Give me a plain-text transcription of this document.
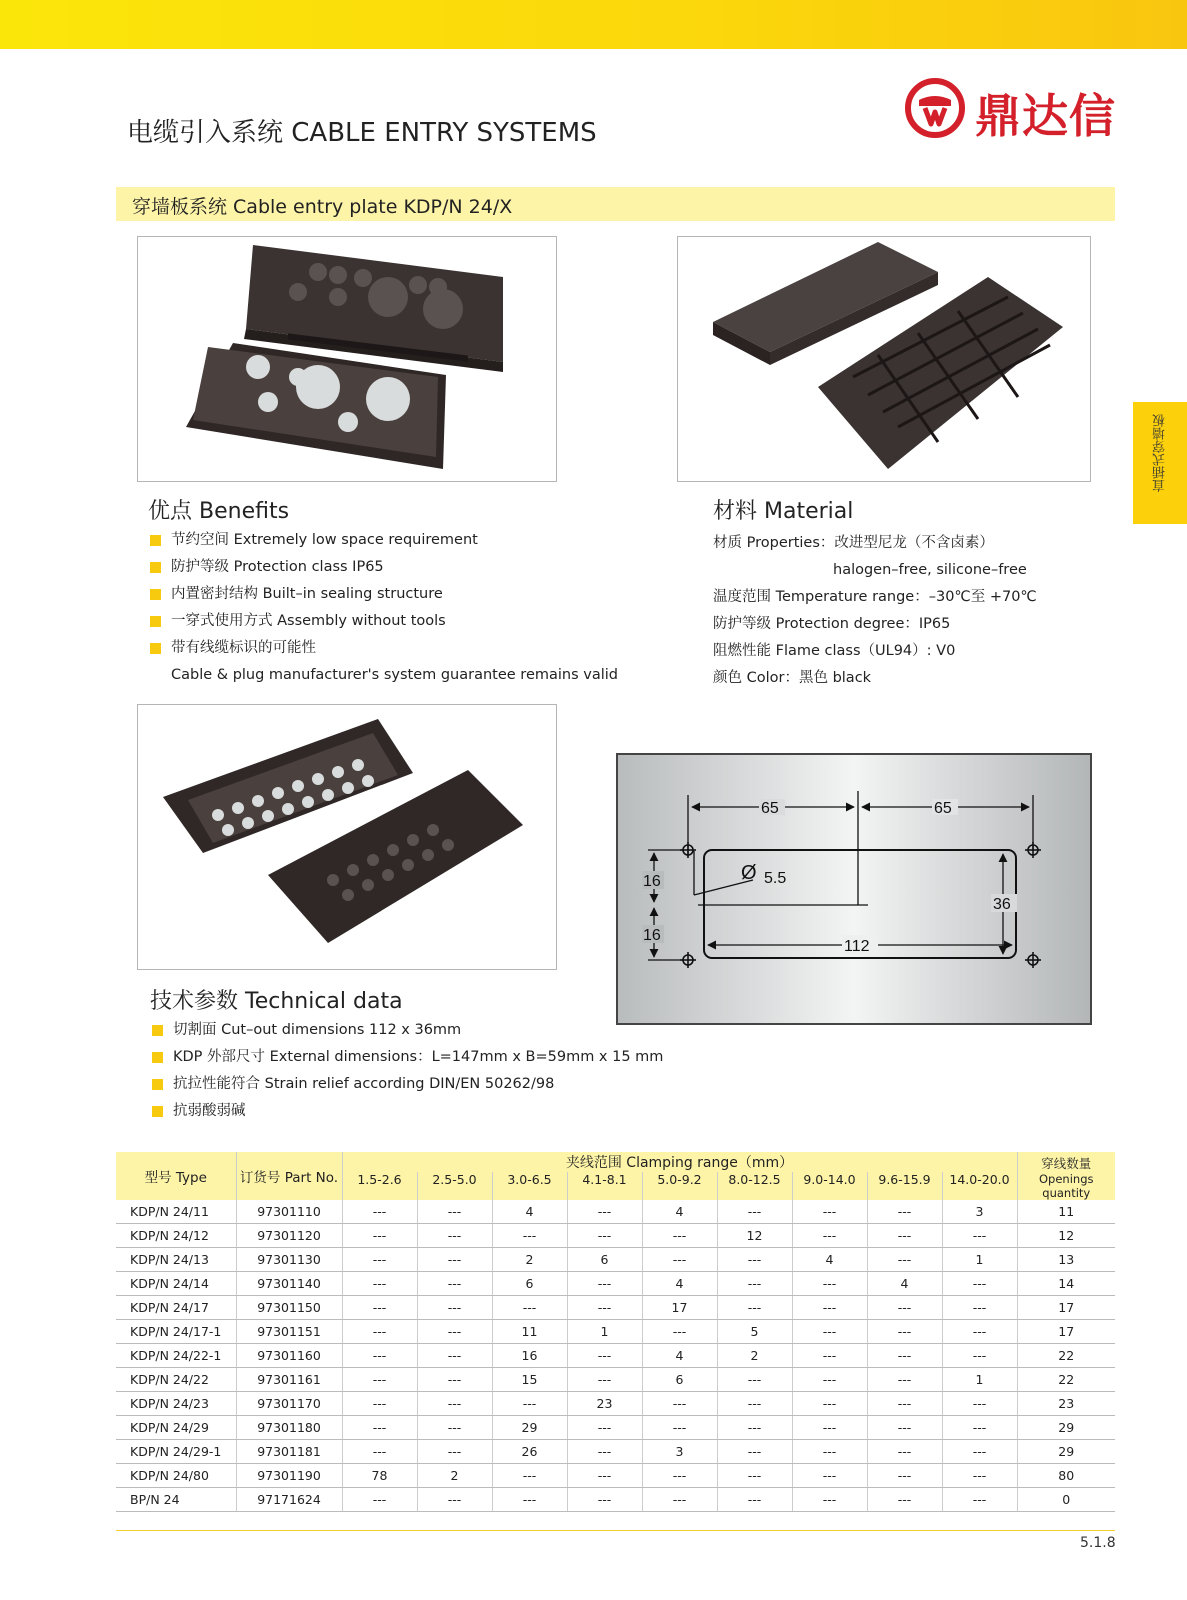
电缆引入系统 CABLE ENTRY SYSTEMS	鼎达信
穿墙板系统 Cable entry plate KDP/N 24/X
直插式穿墙板
优点 Benefits
节约空间 Extremely low space requirement
防护等级 Protection class IP65
内置密封结构 Built–in sealing structure
一穿式使用方式 Assembly without tools
带有线缆标识的可能性
Cable & plug manufacturer's system guarantee remains valid
材料 Material
材质 Properties：改进型尼龙（不含卤素）
halogen–free, silicone–free
温度范围 Temperature range：–30℃至 +70℃
防护等级 Protection degree：IP65
阻燃性能 Flame class（UL94）: V0
颜色 Color：黑色 black
65	65
Ø 5.5
16
16
36
112
技术参数 Technical data
切割面 Cut–out dimensions 112 x 36mm
KDP 外部尺寸 External dimensions：L=147mm x B=59mm x 15 mm
抗拉性能符合 Strain relief according DIN/EN 50262/98
抗弱酸弱碱
型号 Type	订货号 Part No.	夹线范围 Clamping range（mm）									穿线数量
		1.5-2.6	2.5-5.0	3.0-6.5	4.1-8.1	5.0-9.2	8.0-12.5	9.0-14.0	9.6-15.9	14.0-20.0	Openings quantity
KDP/N 24/11	97301110	---	---	4	---	4	---	---	---	3	11
KDP/N 24/12	97301120	---	---	---	---	---	12	---	---	---	12
KDP/N 24/13	97301130	---	---	2	6	---	---	4	---	1	13
KDP/N 24/14	97301140	---	---	6	---	4	---	---	4	---	14
KDP/N 24/17	97301150	---	---	---	---	17	---	---	---	---	17
KDP/N 24/17-1	97301151	---	---	11	1	---	5	---	---	---	17
KDP/N 24/22-1	97301160	---	---	16	---	4	2	---	---	---	22
KDP/N 24/22	97301161	---	---	15	---	6	---	---	---	1	22
KDP/N 24/23	97301170	---	---	---	23	---	---	---	---	---	23
KDP/N 24/29	97301180	---	---	29	---	---	---	---	---	---	29
KDP/N 24/29-1	97301181	---	---	26	---	3	---	---	---	---	29
KDP/N 24/80	97301190	78	2	---	---	---	---	---	---	---	80
BP/N 24	97171624	---	---	---	---	---	---	---	---	---	0
5.1.8
